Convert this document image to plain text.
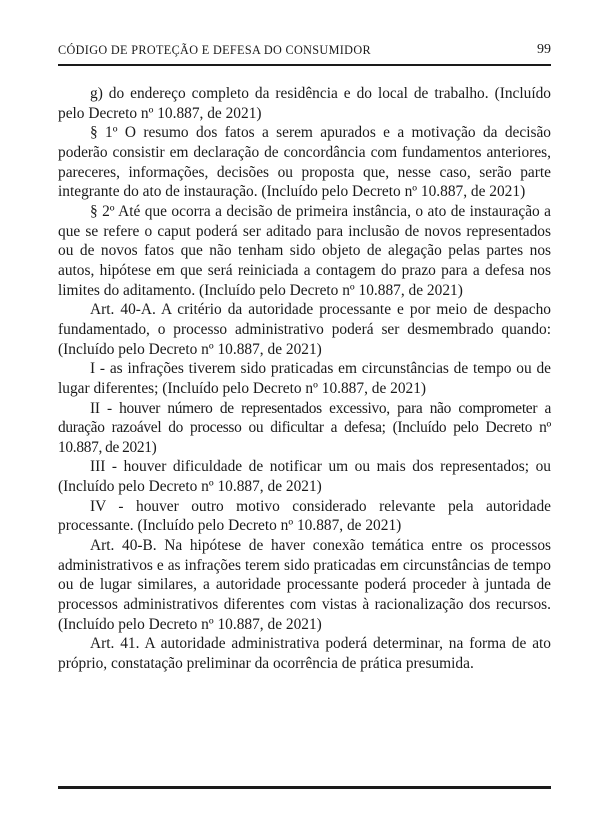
CÓDIGO DE PROTEÇÃO E DEFESA DO CONSUMIDOR	99

g) do endereço completo da residência e do local de trabalho. (Incluído pelo Decreto nº 10.887, de 2021)

§ 1º O resumo dos fatos a serem apurados e a motivação da decisão poderão consistir em declaração de concordância com fundamentos anteriores, pareceres, informações, decisões ou proposta que, nesse caso, serão parte integrante do ato de instauração. (Incluído pelo Decreto nº 10.887, de 2021)

§ 2º Até que ocorra a decisão de primeira instância, o ato de instauração a que se refere o caput poderá ser aditado para inclusão de novos representados ou de novos fatos que não tenham sido objeto de alegação pelas partes nos autos, hipótese em que será reiniciada a contagem do prazo para a defesa nos limites do aditamento. (Incluído pelo Decreto nº 10.887, de 2021)

Art. 40-A. A critério da autoridade processante e por meio de despacho fundamentado, o processo administrativo poderá ser desmembrado quando: (Incluído pelo Decreto nº 10.887, de 2021)

I - as infrações tiverem sido praticadas em circunstâncias de tempo ou de lugar diferentes; (Incluído pelo Decreto nº 10.887, de 2021)

II - houver número de representados excessivo, para não comprometer a duração razoável do processo ou dificultar a defesa; (Incluído pelo Decreto nº 10.887, de 2021)

III - houver dificuldade de notificar um ou mais dos representados; ou (Incluído pelo Decreto nº 10.887, de 2021)

IV - houver outro motivo considerado relevante pela autoridade processante. (Incluído pelo Decreto nº 10.887, de 2021)

Art. 40-B. Na hipótese de haver conexão temática entre os processos administrativos e as infrações terem sido praticadas em circunstâncias de tempo ou de lugar similares, a autoridade processante poderá proceder à juntada de processos administrativos diferentes com vistas à racionalização dos recursos. (Incluído pelo Decreto nº 10.887, de 2021)

Art. 41. A autoridade administrativa poderá determinar, na forma de ato próprio, constatação preliminar da ocorrência de prática presumida.
